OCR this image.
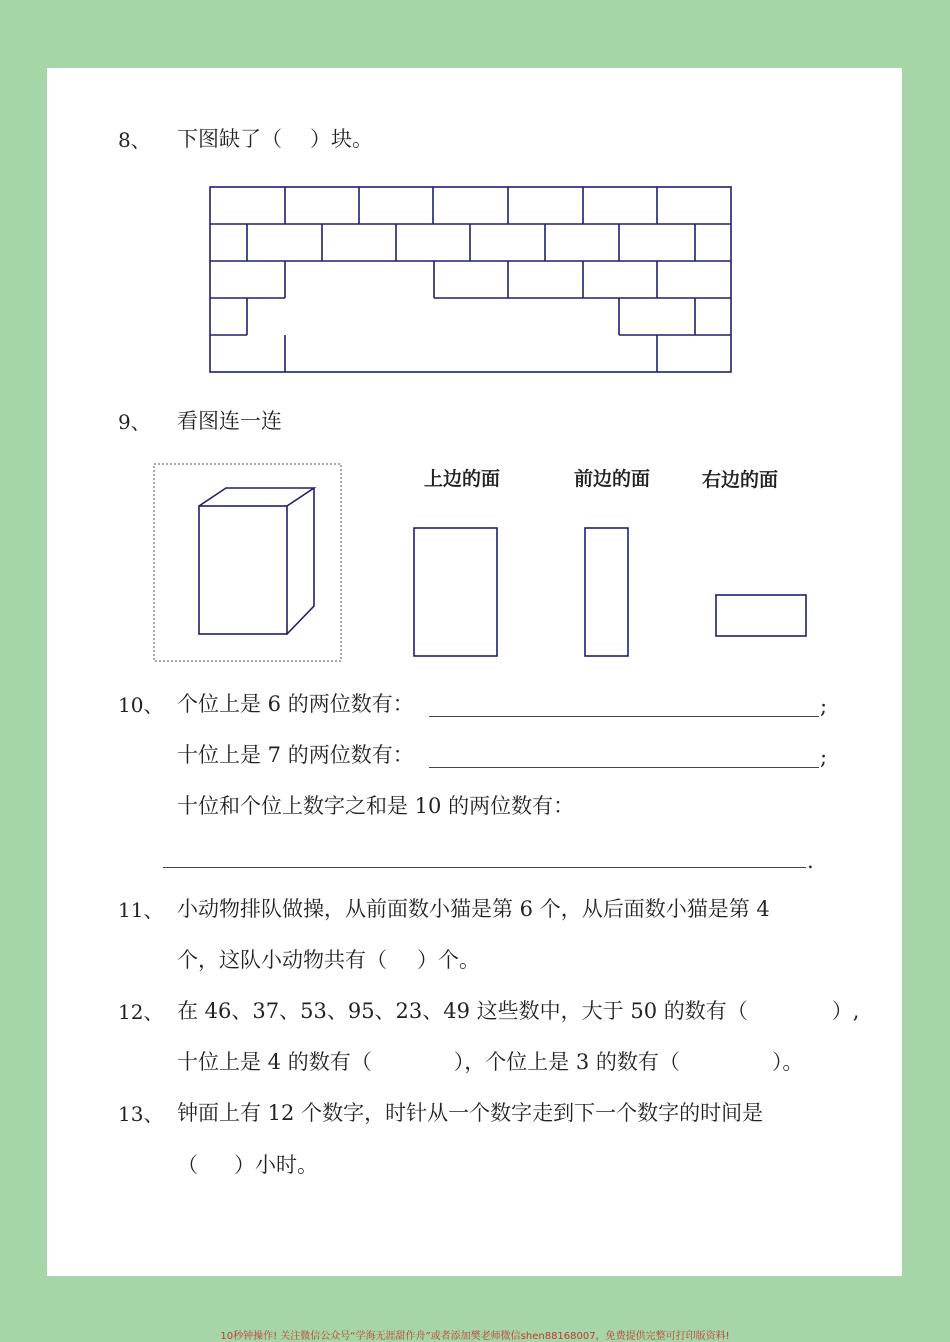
8、 下图缺了（ ）块。
9、 看图连一连
上边的面	前边的面	右边的面
10、 个位上是 6 的两位数有：	;
十位上是 7 的两位数有：	;
十位和个位上数字之和是 10 的两位数有：
.
11、 小动物排队做操，从前面数小猫是第 6 个，从后面数小猫是第 4
个，这队小动物共有（ ）个。
12、 在 46、37、53、95、23、49 这些数中，大于 50 的数有（	）,
十位上是 4 的数有（	），个位上是 3 的数有（	）。
13、 钟面上有 12 个数字，时针从一个数字走到下一个数字的时间是
（ ）小时。
10秒钟操作! 关注微信公众号“学海无涯甜作舟”或者添加樊老师微信shen88168007，免费提供完整可打印版资料!
